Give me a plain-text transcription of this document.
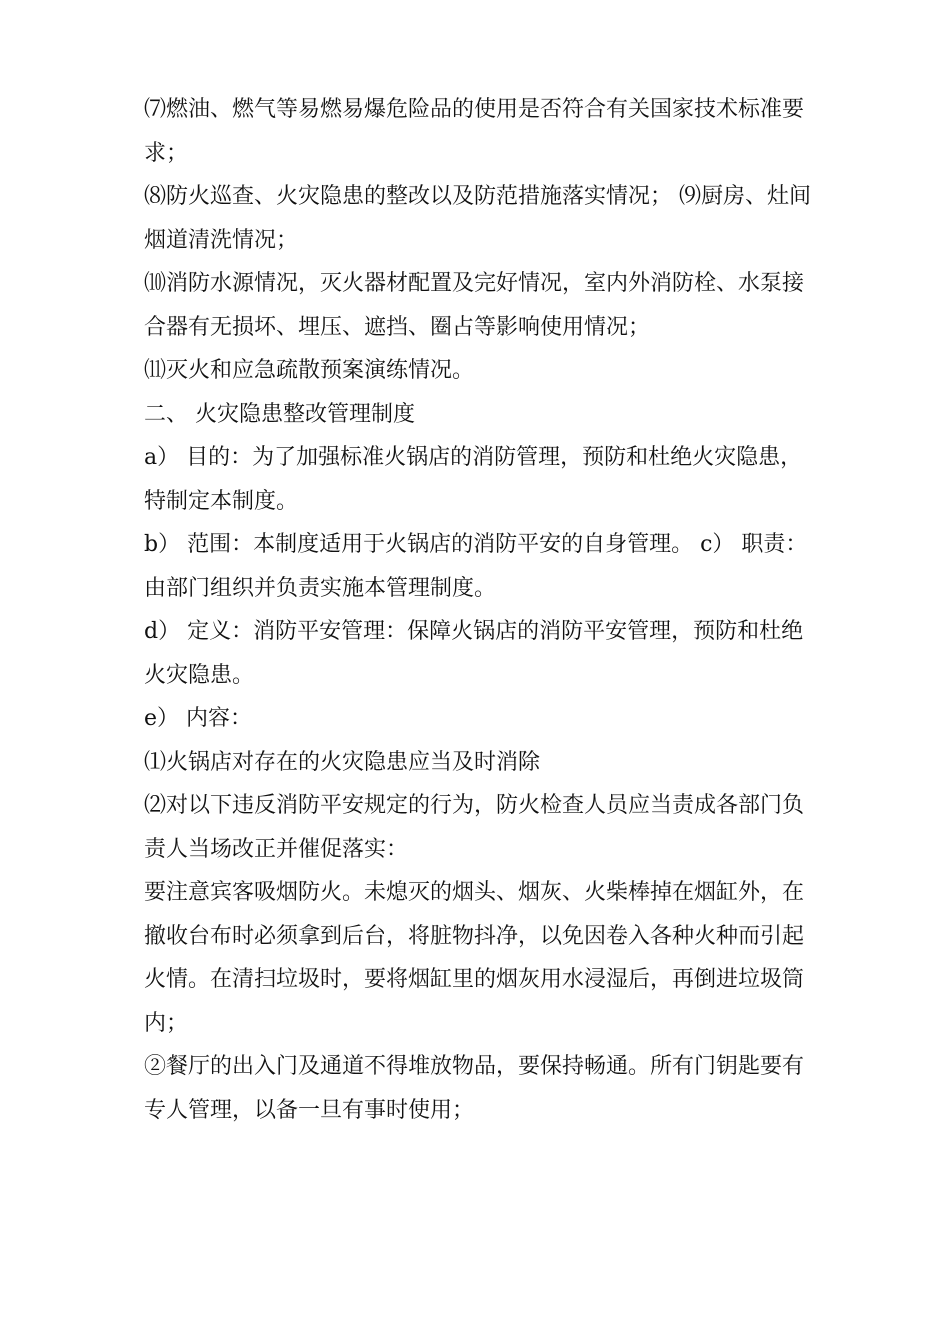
⑺燃油、燃气等易燃易爆危险品的使用是否符合有关国家技术标准要求；

⑻防火巡查、火灾隐患的整改以及防范措施落实情况； ⑼厨房、灶间烟道清洗情况；

⑽消防水源情况，灭火器材配置及完好情况，室内外消防栓、水泵接合器有无损坏、埋压、遮挡、圈占等影响使用情况；

⑾灭火和应急疏散预案演练情况。

二、 火灾隐患整改管理制度

a） 目的：为了加强标准火锅店的消防管理，预防和杜绝火灾隐患，特制定本制度。

b） 范围：本制度适用于火锅店的消防平安的自身管理。 c） 职责：由部门组织并负责实施本管理制度。

d） 定义：消防平安管理：保障火锅店的消防平安管理，预防和杜绝火灾隐患。

e） 内容：

⑴火锅店对存在的火灾隐患应当及时消除

⑵对以下违反消防平安规定的行为，防火检查人员应当责成各部门负责人当场改正并催促落实：

要注意宾客吸烟防火。未熄灭的烟头、烟灰、火柴棒掉在烟缸外，在撤收台布时必须拿到后台，将脏物抖净，以免因卷入各种火种而引起火情。在清扫垃圾时，要将烟缸里的烟灰用水浸湿后，再倒进垃圾筒内；

②餐厅的出入门及通道不得堆放物品，要保持畅通。所有门钥匙要有专人管理，以备一旦有事时使用；
